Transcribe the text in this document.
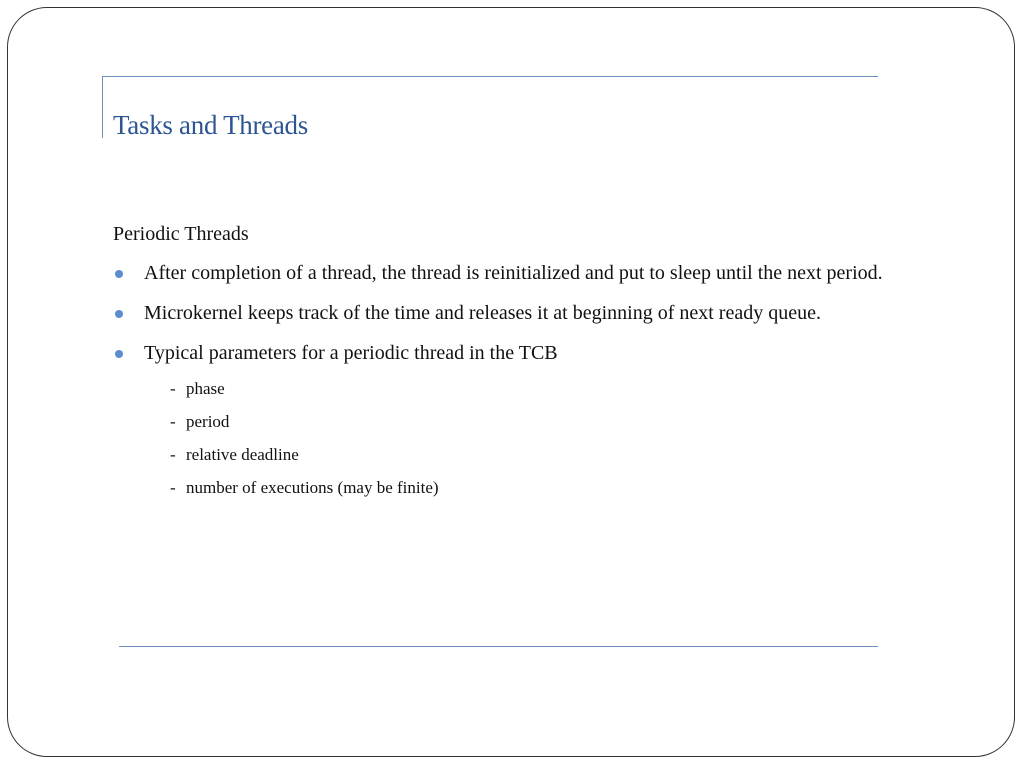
Tasks and Threads
Periodic Threads
After completion of a thread, the thread is reinitialized and put to sleep until the next period.
Microkernel keeps track of the time and releases it at beginning of next ready queue.
Typical parameters for a periodic thread in the TCB
- phase
- period
- relative deadline
- number of executions (may be finite)
